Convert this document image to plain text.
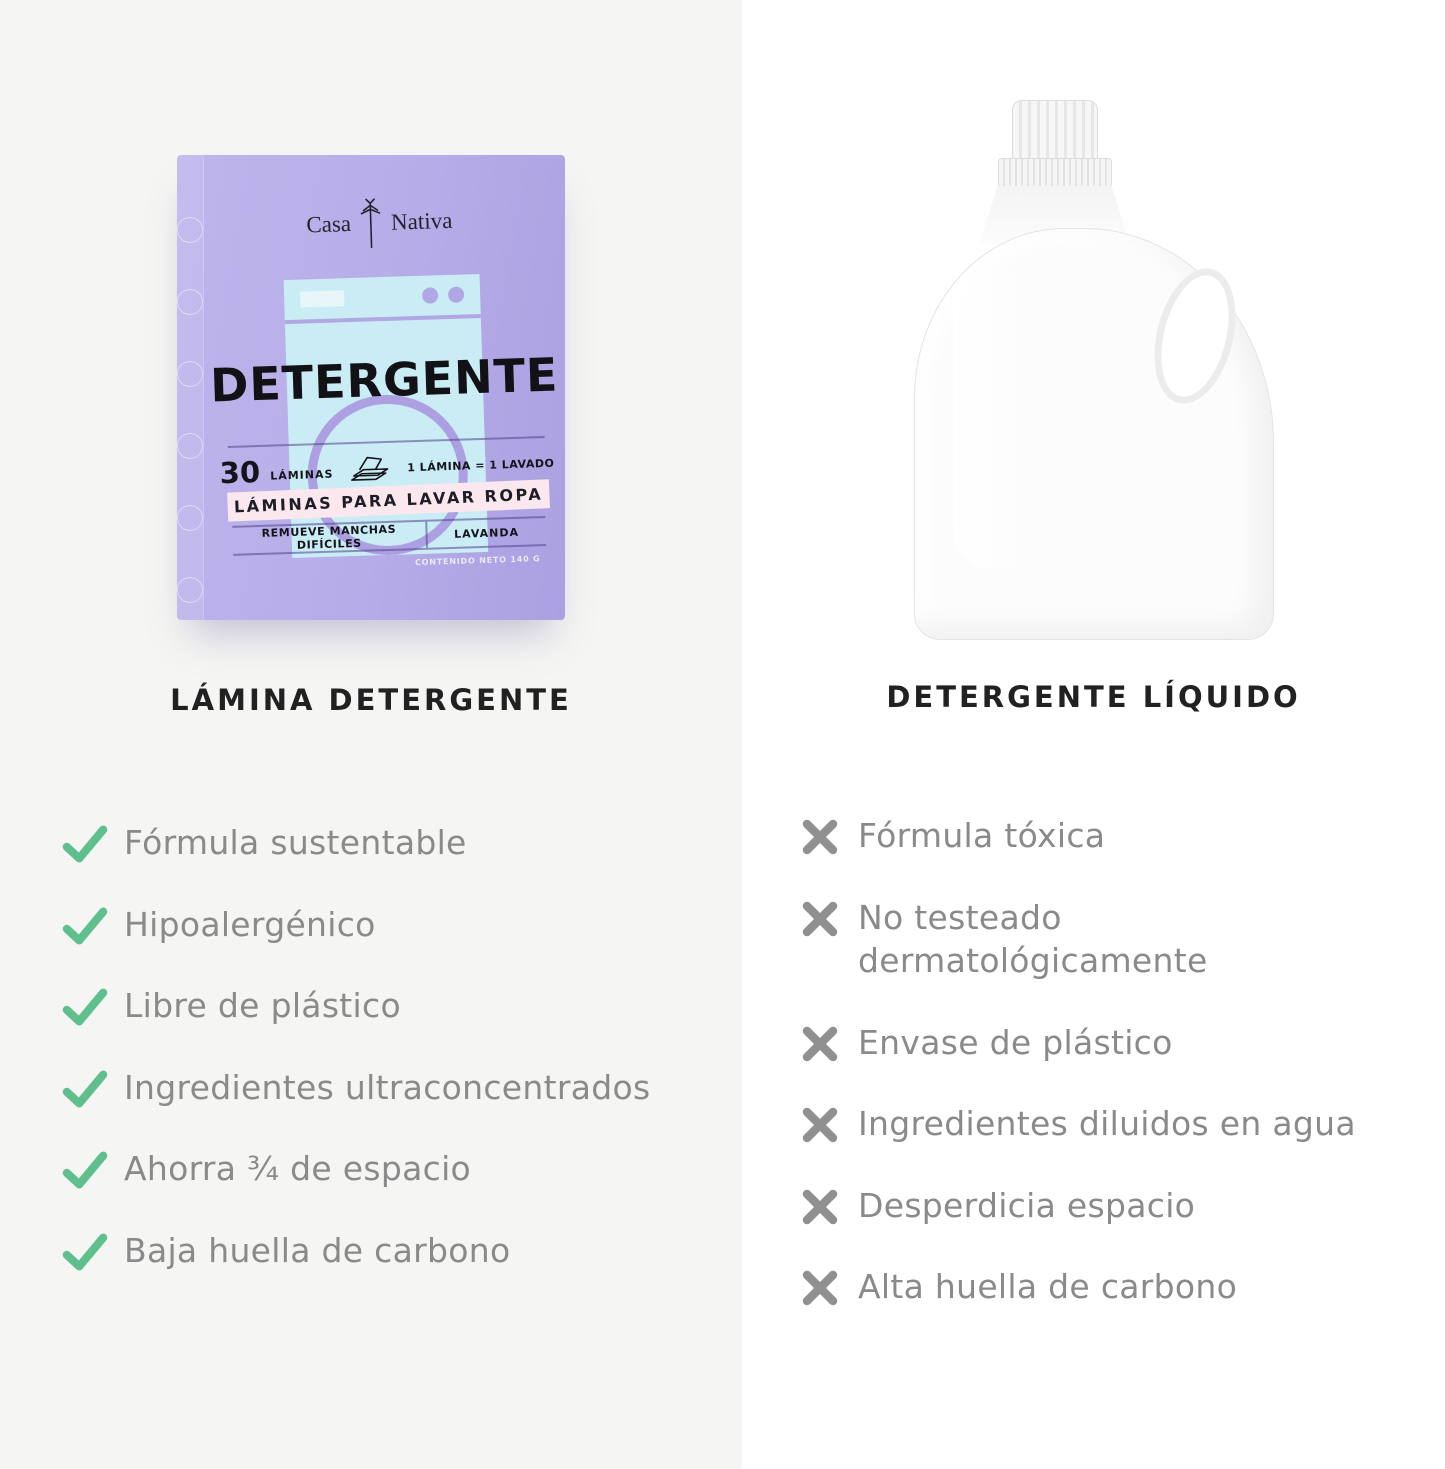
Casa Nativa
DETERGENTE
30 LÁMINAS
1 LÁMINA = 1 LAVADO
LÁMINAS PARA LAVAR ROPA
REMUEVE MANCHAS DIFÍCILES
LAVANDA
CONTENIDO NETO 140 G
LÁMINA DETERGENTE
Fórmula sustentable
Hipoalergénico
Libre de plástico
Ingredientes ultraconcentrados
Ahorra ¾ de espacio
Baja huella de carbono
DETERGENTE LÍQUIDO
Fórmula tóxica
No testeado dermatológicamente
Envase de plástico
Ingredientes diluidos en agua
Desperdicia espacio
Alta huella de carbono
